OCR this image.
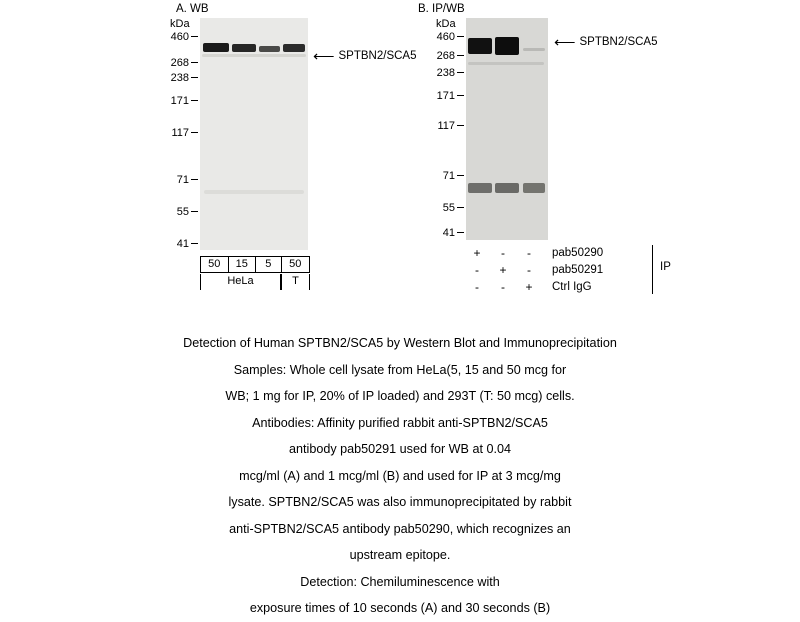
A. WB
kDa
460
268
238
171
117
71
55
41
⟵ SPTBN2/SCA5
50	15	5	50
HeLa	T
B. IP/WB
kDa
460
268
238
171
117
71
55
41
⟵ SPTBN2/SCA5
+	-	-	pab50290
-	+	-	pab50291
-	-	+	Ctrl IgG
IP
Detection of Human SPTBN2/SCA5 by Western Blot and Immunoprecipitation
Samples: Whole cell lysate from HeLa(5, 15 and 50 mcg for
WB; 1 mg for IP, 20% of IP loaded) and 293T (T: 50 mcg) cells.
Antibodies: Affinity purified rabbit anti-SPTBN2/SCA5
antibody pab50291 used for WB at 0.04
mcg/ml (A) and 1 mcg/ml (B) and used for IP at 3 mcg/mg
lysate. SPTBN2/SCA5 was also immunoprecipitated by rabbit
anti-SPTBN2/SCA5 antibody pab50290, which recognizes an
upstream epitope.
Detection: Chemiluminescence with
exposure times of 10 seconds (A) and 30 seconds (B)
